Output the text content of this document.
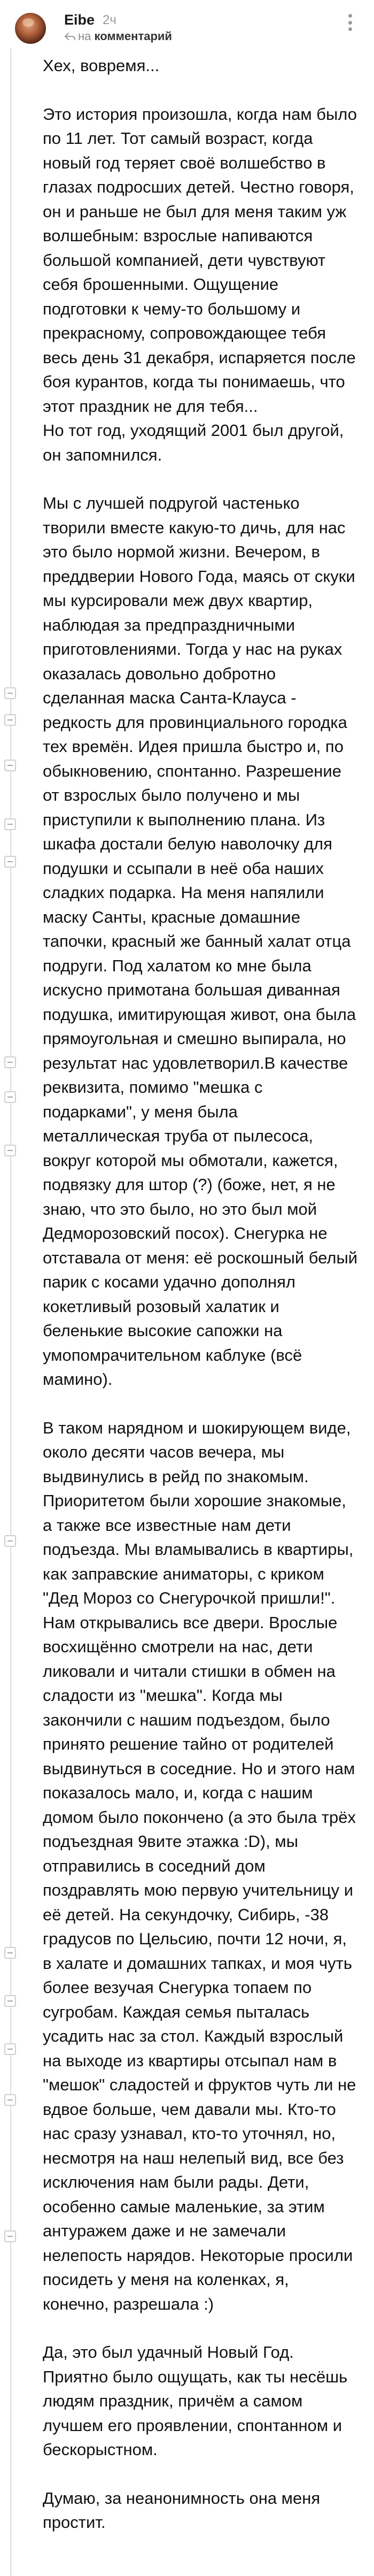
Eibe 2ч
на комментарий

Хех, вовремя...

Это история произошла, когда нам было по 11 лет. Тот самый возраст, когда новый год теряет своё волшебство в глазах подросших детей. Честно говоря, он и раньше не был для меня таким уж волшебным: взрослые напиваются большой компанией, дети чувствуют себя брошенными. Ощущение подготовки к чему-то большому и прекрасному, сопровождающее тебя весь день 31 декабря, испаряется после боя курантов, когда ты понимаешь, что этот праздник не для тебя...
Но тот год, уходящий 2001 был другой, он запомнился.

Мы с лучшей подругой частенько творили вместе какую-то дичь, для нас это было нормой жизни. Вечером, в преддверии Нового Года, маясь от скуки мы курсировали меж двух квартир, наблюдая за предпраздничными приготовлениями. Тогда у нас на руках оказалась довольно добротно сделанная маска Санта-Клауса - редкость для провинциального городка тех времён. Идея пришла быстро и, по обыкновению, спонтанно. Разрешение от взрослых было получено и мы приступили к выполнению плана. Из шкафа достали белую наволочку для подушки и ссыпали в неё оба наших сладких подарка. На меня напялили маску Санты, красные домашние тапочки, красный же банный халат отца подруги. Под халатом ко мне была искусно примотана большая диванная подушка, имитирующая живот, она была прямоугольная и смешно выпирала, но результат нас удовлетворил.В качестве реквизита, помимо "мешка с подарками", у меня была металлическая труба от пылесоса, вокруг которой мы обмотали, кажется, подвязку для штор (?) (боже, нет, я не знаю, что это было, но это был мой Дедморозовский посох). Снегурка не отставала от меня: её роскошный белый парик с косами удачно дополнял кокетливый розовый халатик и беленькие высокие сапожки на умопомрачительном каблуке (всё мамино).

В таком нарядном и шокирующем виде, около десяти часов вечера, мы выдвинулись в рейд по знакомым. Приоритетом были хорошие знакомые, а также все известные нам дети подъезда. Мы вламывались в квартиры, как заправские аниматоры, с криком "Дед Мороз со Снегурочкой пришли!". Нам открывались все двери. Врослые восхищённо смотрели на нас, дети ликовали и читали стишки в обмен на сладости из "мешка". Когда мы закончили с нашим подъездом, было принято решение тайно от родителей выдвинуться в соседние. Но и этого нам показалось мало, и, когда с нашим домом было покончено (а это была трёх подъездная 9вите этажка :D), мы отправились в соседний дом поздравлять мою первую учительницу и её детей. На секундочку, Сибирь, -38 градусов по Цельсию, почти 12 ночи, я, в халате и домашних тапках, и моя чуть более везучая Снегурка топаем по сугробам. Каждая семья пыталась усадить нас за стол. Каждый взрослый на выходе из квартиры отсыпал нам в "мешок" сладостей и фруктов чуть ли не вдвое больше, чем давали мы. Кто-то нас сразу узнавал, кто-то уточнял, но, несмотря на наш нелепый вид, все без исключения нам были рады. Дети, особенно самые маленькие, за этим антуражем даже и не замечали нелепость нарядов. Некоторые просили посидеть у меня на коленках, я, конечно, разрешала :)

Да, это был удачный Новый Год. Приятно было ощущать, как ты несёшь людям праздник, причём а самом лучшем его проявлении, спонтанном и бескорыстном.

Думаю, за неанонимность она меня простит.
